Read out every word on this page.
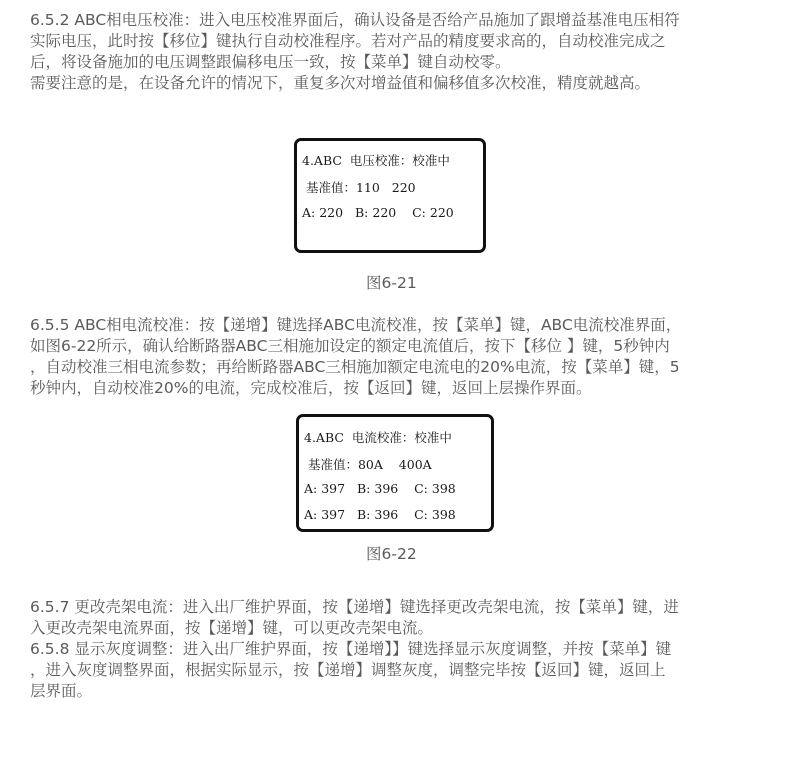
6.5.2 ABC相电压校准：进入电压校准界面后，确认设备是否给产品施加了跟增益基准电压相符
实际电压，此时按【移位】键执行自动校准程序。若对产品的精度要求高的，自动校准完成之
后，将设备施加的电压调整跟偏移电压一致，按【菜单】键自动校零。
需要注意的是，在设备允许的情况下，重复多次对增益值和偏移值多次校准，精度就越高。
4.ABC  电压校准：校准中
基准值：110   220
A: 220   B: 220    C: 220
图6-21
6.5.5 ABC相电流校准：按【递增】键选择ABC电流校准，按【菜单】键，ABC电流校准界面，
如图6-22所示，确认给断路器ABC三相施加设定的额定电流值后，按下【移位 】键，5秒钟内
，自动校准三相电流参数；再给断路器ABC三相施加额定电流电的20%电流，按【菜单】键，5
秒钟内，自动校准20%的电流，完成校准后，按【返回】键，返回上层操作界面。
4.ABC  电流校准：校准中
基准值：80A    400A
A: 397   B: 396    C: 398
A: 397   B: 396    C: 398
图6-22
6.5.7 更改壳架电流：进入出厂维护界面，按【递增】键选择更改壳架电流，按【菜单】键，进
入更改壳架电流界面，按【递增】键，可以更改壳架电流。
6.5.8 显示灰度调整：进入出厂维护界面，按【递增】】键选择显示灰度调整，并按【菜单】键
，进入灰度调整界面，根据实际显示，按【递增】调整灰度，调整完毕按【返回】键，返回上
层界面。
